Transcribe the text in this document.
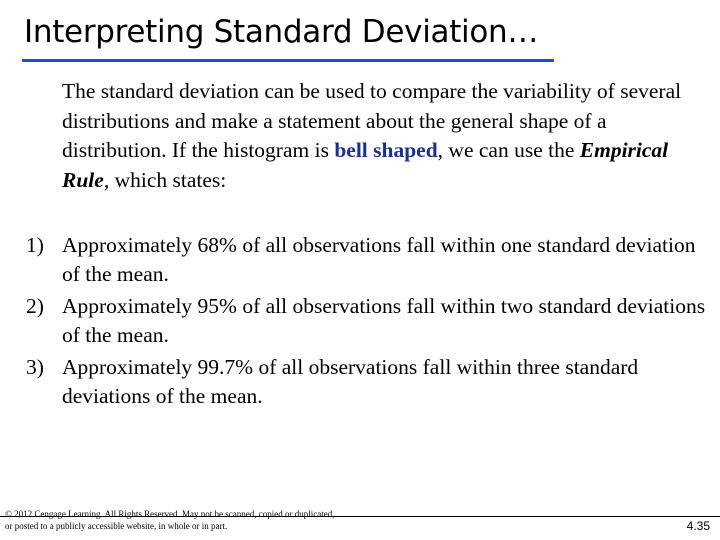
Interpreting Standard Deviation…
The standard deviation can be used to compare the variability of several distributions and make a statement about the general shape of a distribution. If the histogram is bell shaped, we can use the Empirical Rule, which states:
1) Approximately 68% of all observations fall within one standard deviation of the mean.
2) Approximately 95% of all observations fall within two standard deviations of the mean.
3) Approximately 99.7% of all observations fall within three standard deviations of the mean.
© 2012 Cengage Learning. All Rights Reserved. May not be scanned, copied or duplicated, or posted to a publicly accessible website, in whole or in part.	4.35
